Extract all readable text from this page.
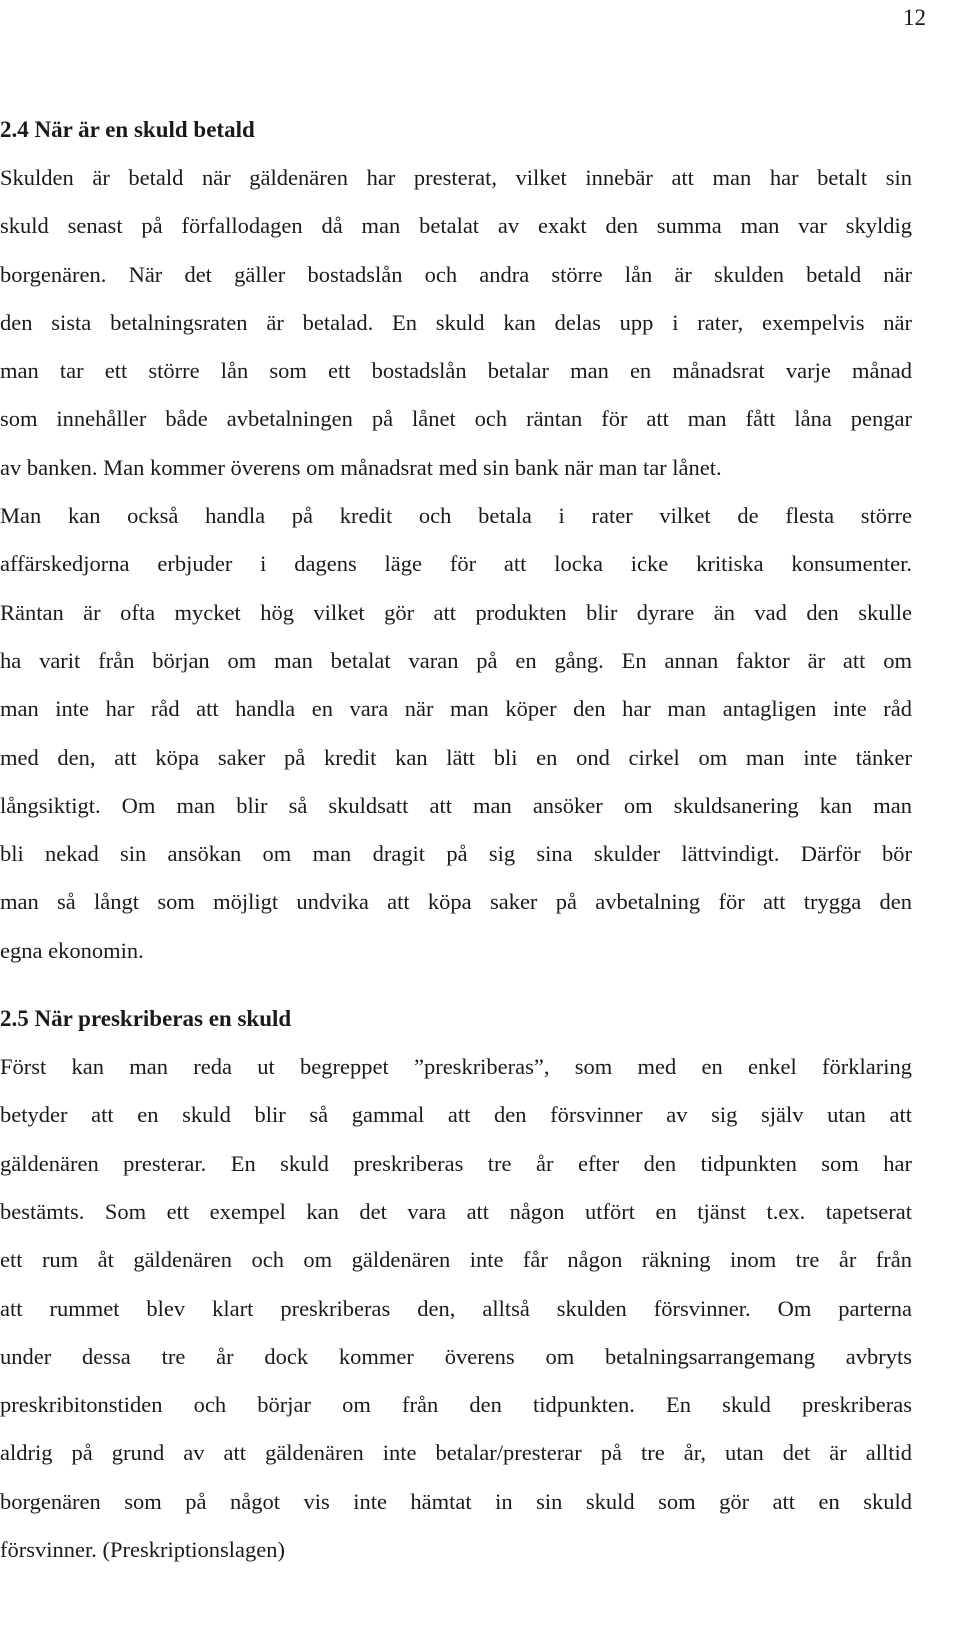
12
2.4 När är en skuld betald
Skulden är betald när gäldenären har presterat, vilket innebär att man har betalt sin
skuld senast på förfallodagen då man betalat av exakt den summa man var skyldig
borgenären. När det gäller bostadslån och andra större lån är skulden betald när
den sista betalningsraten är betalad. En skuld kan delas upp i rater, exempelvis när
man tar ett större lån som ett bostadslån betalar man en månadsrat varje månad
som innehåller både avbetalningen på lånet och räntan för att man fått låna pengar
av banken. Man kommer överens om månadsrat med sin bank när man tar lånet.
Man kan också handla på kredit och betala i rater vilket de flesta större
affärskedjorna erbjuder i dagens läge för att locka icke kritiska konsumenter.
Räntan är ofta mycket hög vilket gör att produkten blir dyrare än vad den skulle
ha varit från början om man betalat varan på en gång. En annan faktor är att om
man inte har råd att handla en vara när man köper den har man antagligen inte råd
med den, att köpa saker på kredit kan lätt bli en ond cirkel om man inte tänker
långsiktigt. Om man blir så skuldsatt att man ansöker om skuldsanering kan man
bli nekad sin ansökan om man dragit på sig sina skulder lättvindigt. Därför bör
man så långt som möjligt undvika att köpa saker på avbetalning för att trygga den
egna ekonomin.
2.5 När preskriberas en skuld
Först kan man reda ut begreppet ”preskriberas”, som med en enkel förklaring
betyder att en skuld blir så gammal att den försvinner av sig själv utan att
gäldenären presterar. En skuld preskriberas tre år efter den tidpunkten som har
bestämts. Som ett exempel kan det vara att någon utfört en tjänst t.ex. tapetserat
ett rum åt gäldenären och om gäldenären inte får någon räkning inom tre år från
att rummet blev klart preskriberas den, alltså skulden försvinner. Om parterna
under dessa tre år dock kommer överens om betalningsarrangemang avbryts
preskribitonstiden och börjar om från den tidpunkten. En skuld preskriberas
aldrig på grund av att gäldenären inte betalar/presterar på tre år, utan det är alltid
borgenären som på något vis inte hämtat in sin skuld som gör att en skuld
försvinner. (Preskriptionslagen)
